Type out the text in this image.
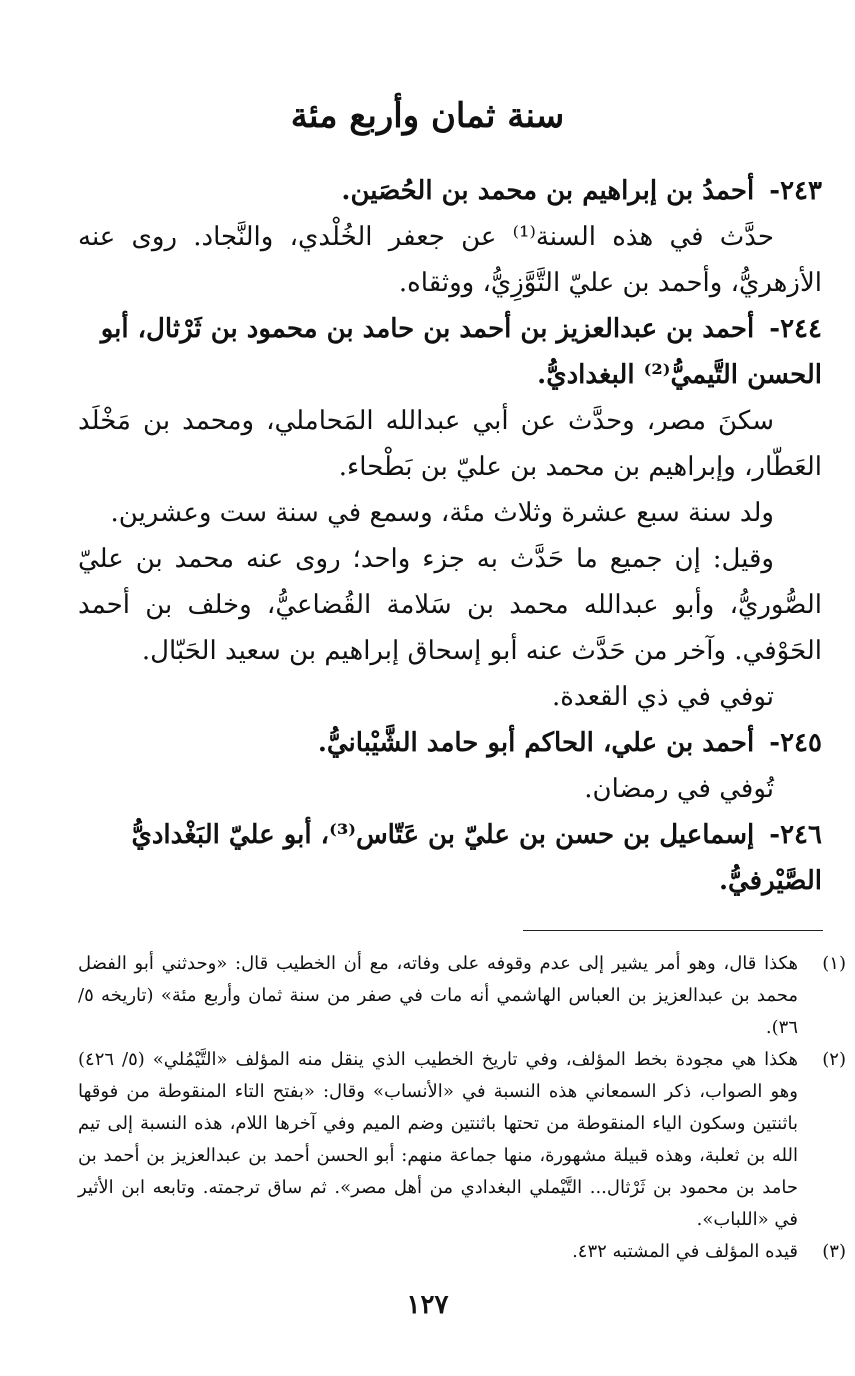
سنة ثمان وأربع مئة

٢٤٣- أحمدُ بن إبراهيم بن محمد بن الحُصَين.

حدَّث في هذه السنة⁽¹⁾ عن جعفر الخُلْدي، والنَّجاد. روى عنه الأزهريُّ، وأحمد بن عليّ التَّوَّزِيُّ، ووثقاه.

٢٤٤- أحمد بن عبدالعزيز بن أحمد بن حامد بن محمود بن ثَرْثال، أبو الحسن التَّيميُّ⁽²⁾ البغداديُّ.

سكنَ مصر، وحدَّث عن أبي عبدالله المَحاملي، ومحمد بن مَخْلَد العَطّار، وإبراهيم بن محمد بن عليّ بن بَطْحاء.

ولد سنة سبع عشرة وثلاث مئة، وسمع في سنة ست وعشرين.

وقيل: إن جميع ما حَدَّث به جزء واحد؛ روى عنه محمد بن عليّ الصُّوريُّ، وأبو عبدالله محمد بن سَلامة القُضاعيُّ، وخلف بن أحمد الحَوْفي. وآخر من حَدَّث عنه أبو إسحاق إبراهيم بن سعيد الحَبّال.

توفي في ذي القعدة.

٢٤٥- أحمد بن علي، الحاكم أبو حامد الشَّيْبانيُّ.

تُوفي في رمضان.

٢٤٦- إسماعيل بن حسن بن عليّ بن عَتّاس⁽³⁾، أبو عليّ البَغْداديُّ الصَّيْرفيُّ.

(١)
هكذا قال، وهو أمر يشير إلى عدم وقوفه على وفاته، مع أن الخطيب قال: «وحدثني أبو الفضل محمد بن عبدالعزيز بن العباس الهاشمي أنه مات في صفر من سنة ثمان وأربع مئة» (تاريخه ٥/ ٣٦).
(٢)
هكذا هي مجودة بخط المؤلف، وفي تاريخ الخطيب الذي ينقل منه المؤلف «التَّيْمُلي» (٥/ ٤٢٦) وهو الصواب، ذكر السمعاني هذه النسبة في «الأنساب» وقال: «بفتح التاء المنقوطة من فوقها باثنتين وسكون الياء المنقوطة من تحتها باثنتين وضم الميم وفي آخرها اللام، هذه النسبة إلى تيم الله بن ثعلبة، وهذه قبيلة مشهورة، منها جماعة منهم: أبو الحسن أحمد بن عبدالعزيز بن أحمد بن حامد بن محمود بن ثَرْثال... التَّيْملي البغدادي من أهل مصر». ثم ساق ترجمته. وتابعه ابن الأثير في «اللباب».
(٣)
قيده المؤلف في المشتبه ٤٣٢.
١٢٧
